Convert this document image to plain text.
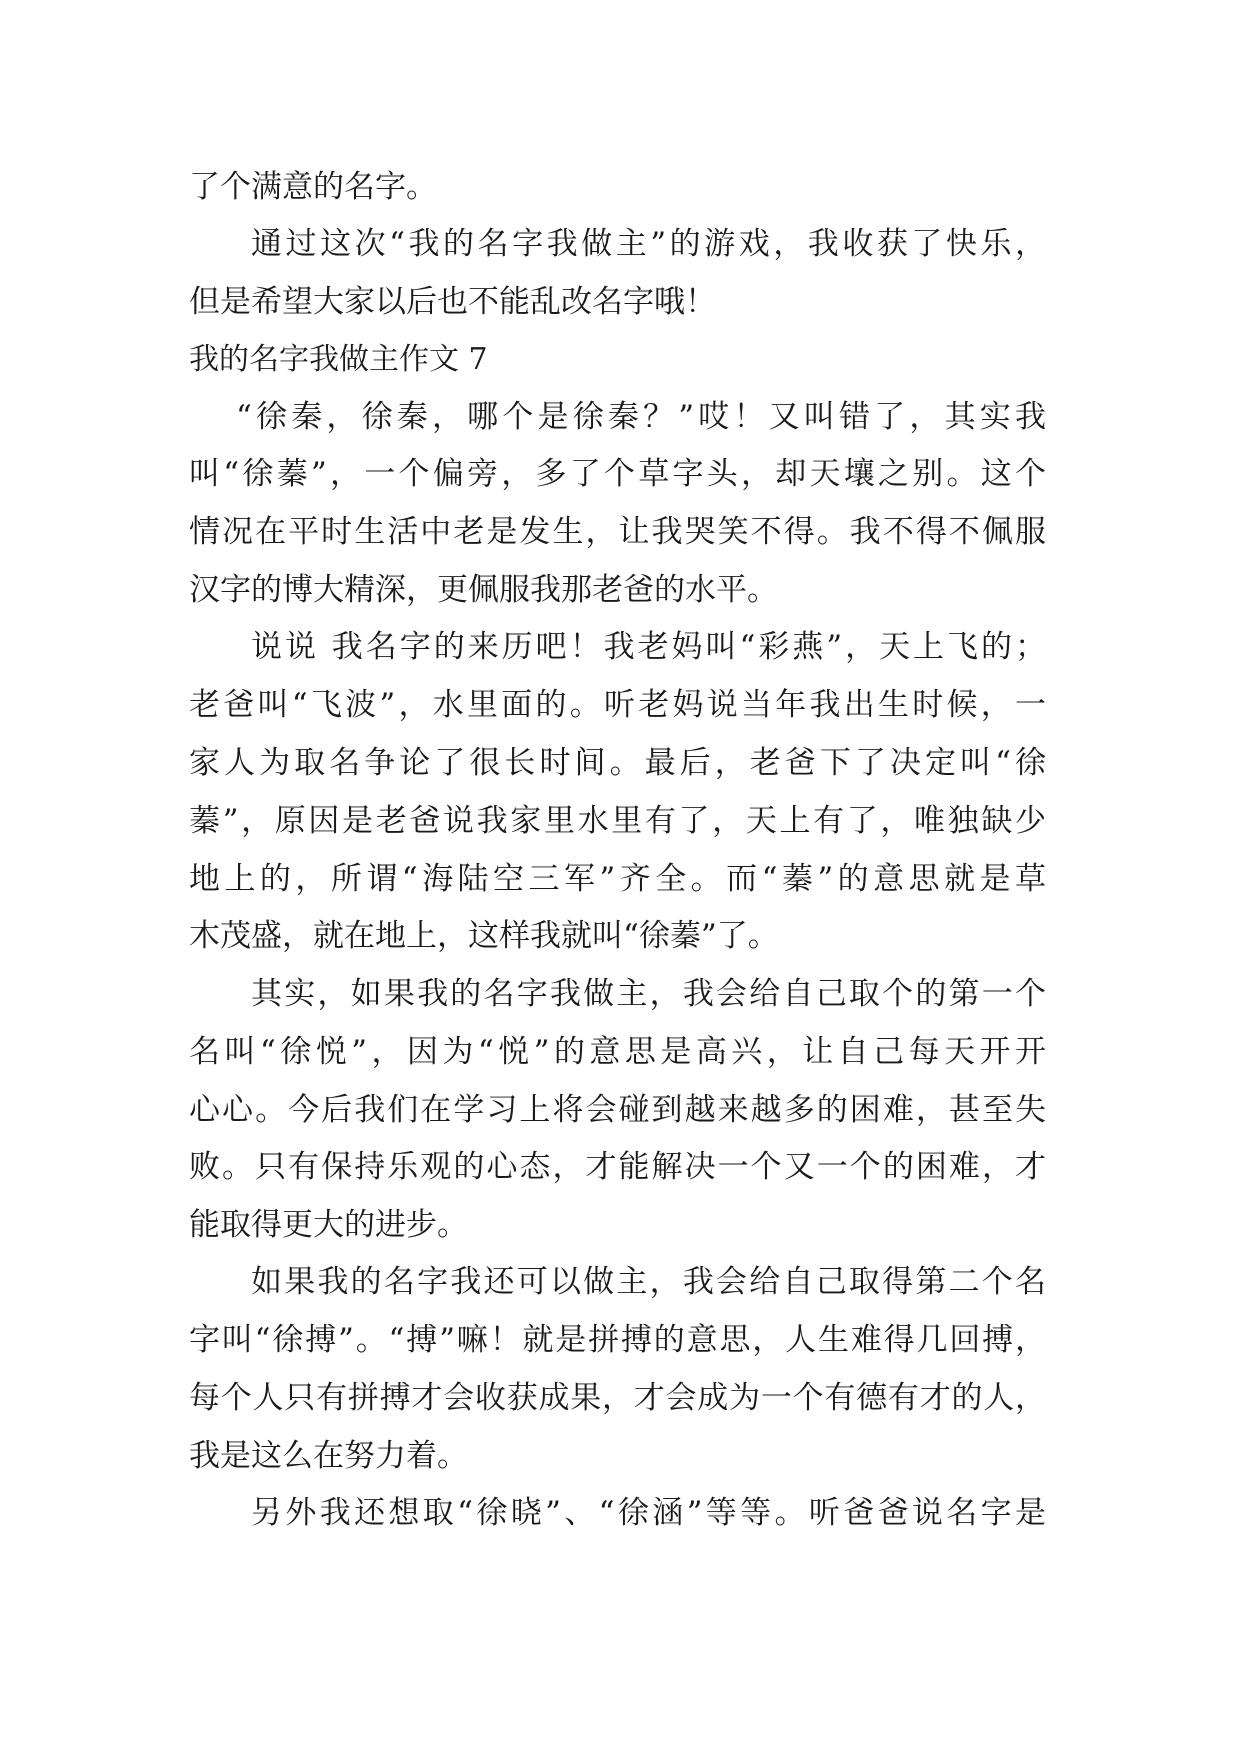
了个满意的名字。
通过这次“我的名字我做主”的游戏，我收获了快乐，
但是希望大家以后也不能乱改名字哦！
我的名字我做主作文 7
“徐秦，徐秦，哪个是徐秦？”哎！又叫错了，其实我
叫“徐蓁”，一个偏旁，多了个草字头，却天壤之别。这个
情况在平时生活中老是发生，让我哭笑不得。我不得不佩服
汉字的博大精深，更佩服我那老爸的水平。
说说 我名字的来历吧！我老妈叫“彩燕”，天上飞的；
老爸叫“飞波”，水里面的。听老妈说当年我出生时候，一
家人为取名争论了很长时间。最后，老爸下了决定叫“徐
蓁”，原因是老爸说我家里水里有了，天上有了，唯独缺少
地上的，所谓“海陆空三军”齐全。而“蓁”的意思就是草
木茂盛，就在地上，这样我就叫“徐蓁”了。
其实，如果我的名字我做主，我会给自己取个的第一个
名叫“徐悦”，因为“悦”的意思是高兴，让自己每天开开
心心。今后我们在学习上将会碰到越来越多的困难，甚至失
败。只有保持乐观的心态，才能解决一个又一个的困难，才
能取得更大的进步。
如果我的名字我还可以做主，我会给自己取得第二个名
字叫“徐搏”。“搏”嘛！就是拼搏的意思，人生难得几回搏，
每个人只有拼搏才会收获成果，才会成为一个有德有才的人，
我是这么在努力着。
另外我还想取“徐晓”、“徐涵”等等。听爸爸说名字是
